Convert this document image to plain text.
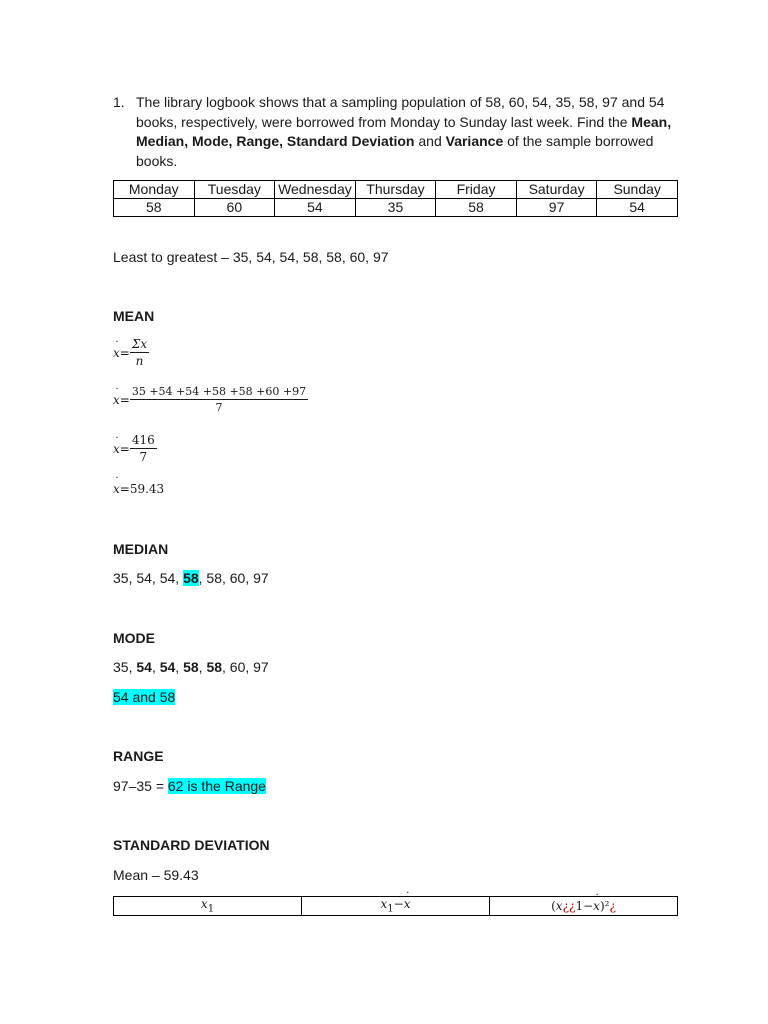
1. The library logbook shows that a sampling population of 58, 60, 54, 35, 58, 97 and 54 books, respectively, were borrowed from Monday to Sunday last week. Find the Mean, Median, Mode, Range, Standard Deviation and Variance of the sample borrowed books.
Monday	Tuesday	Wednesday	Thursday	Friday	Saturday	Sunday
58	60	54	35	58	97	54
Least to greatest – 35, 54, 54, 58, 58, 60, 97
MEAN
˙ $x= \frac{\Sigma x}{n}$
˙ $x= \frac{35 +54 +54 +58 +58 +60 +97}{7}$
˙ $x= \frac{416}{7}$
˙ x=59.43
MEDIAN
35, 54, 54, 58, 58, 60, 97
MODE
35, 54, 54, 58, 58, 60, 97
54 and 58
RANGE
97–35 = 62 is the Range
STANDARD DEVIATION
Mean – 59.43
$x_1$	$x_1-˙$ x	(x¿¿1−˙ x)²¿
